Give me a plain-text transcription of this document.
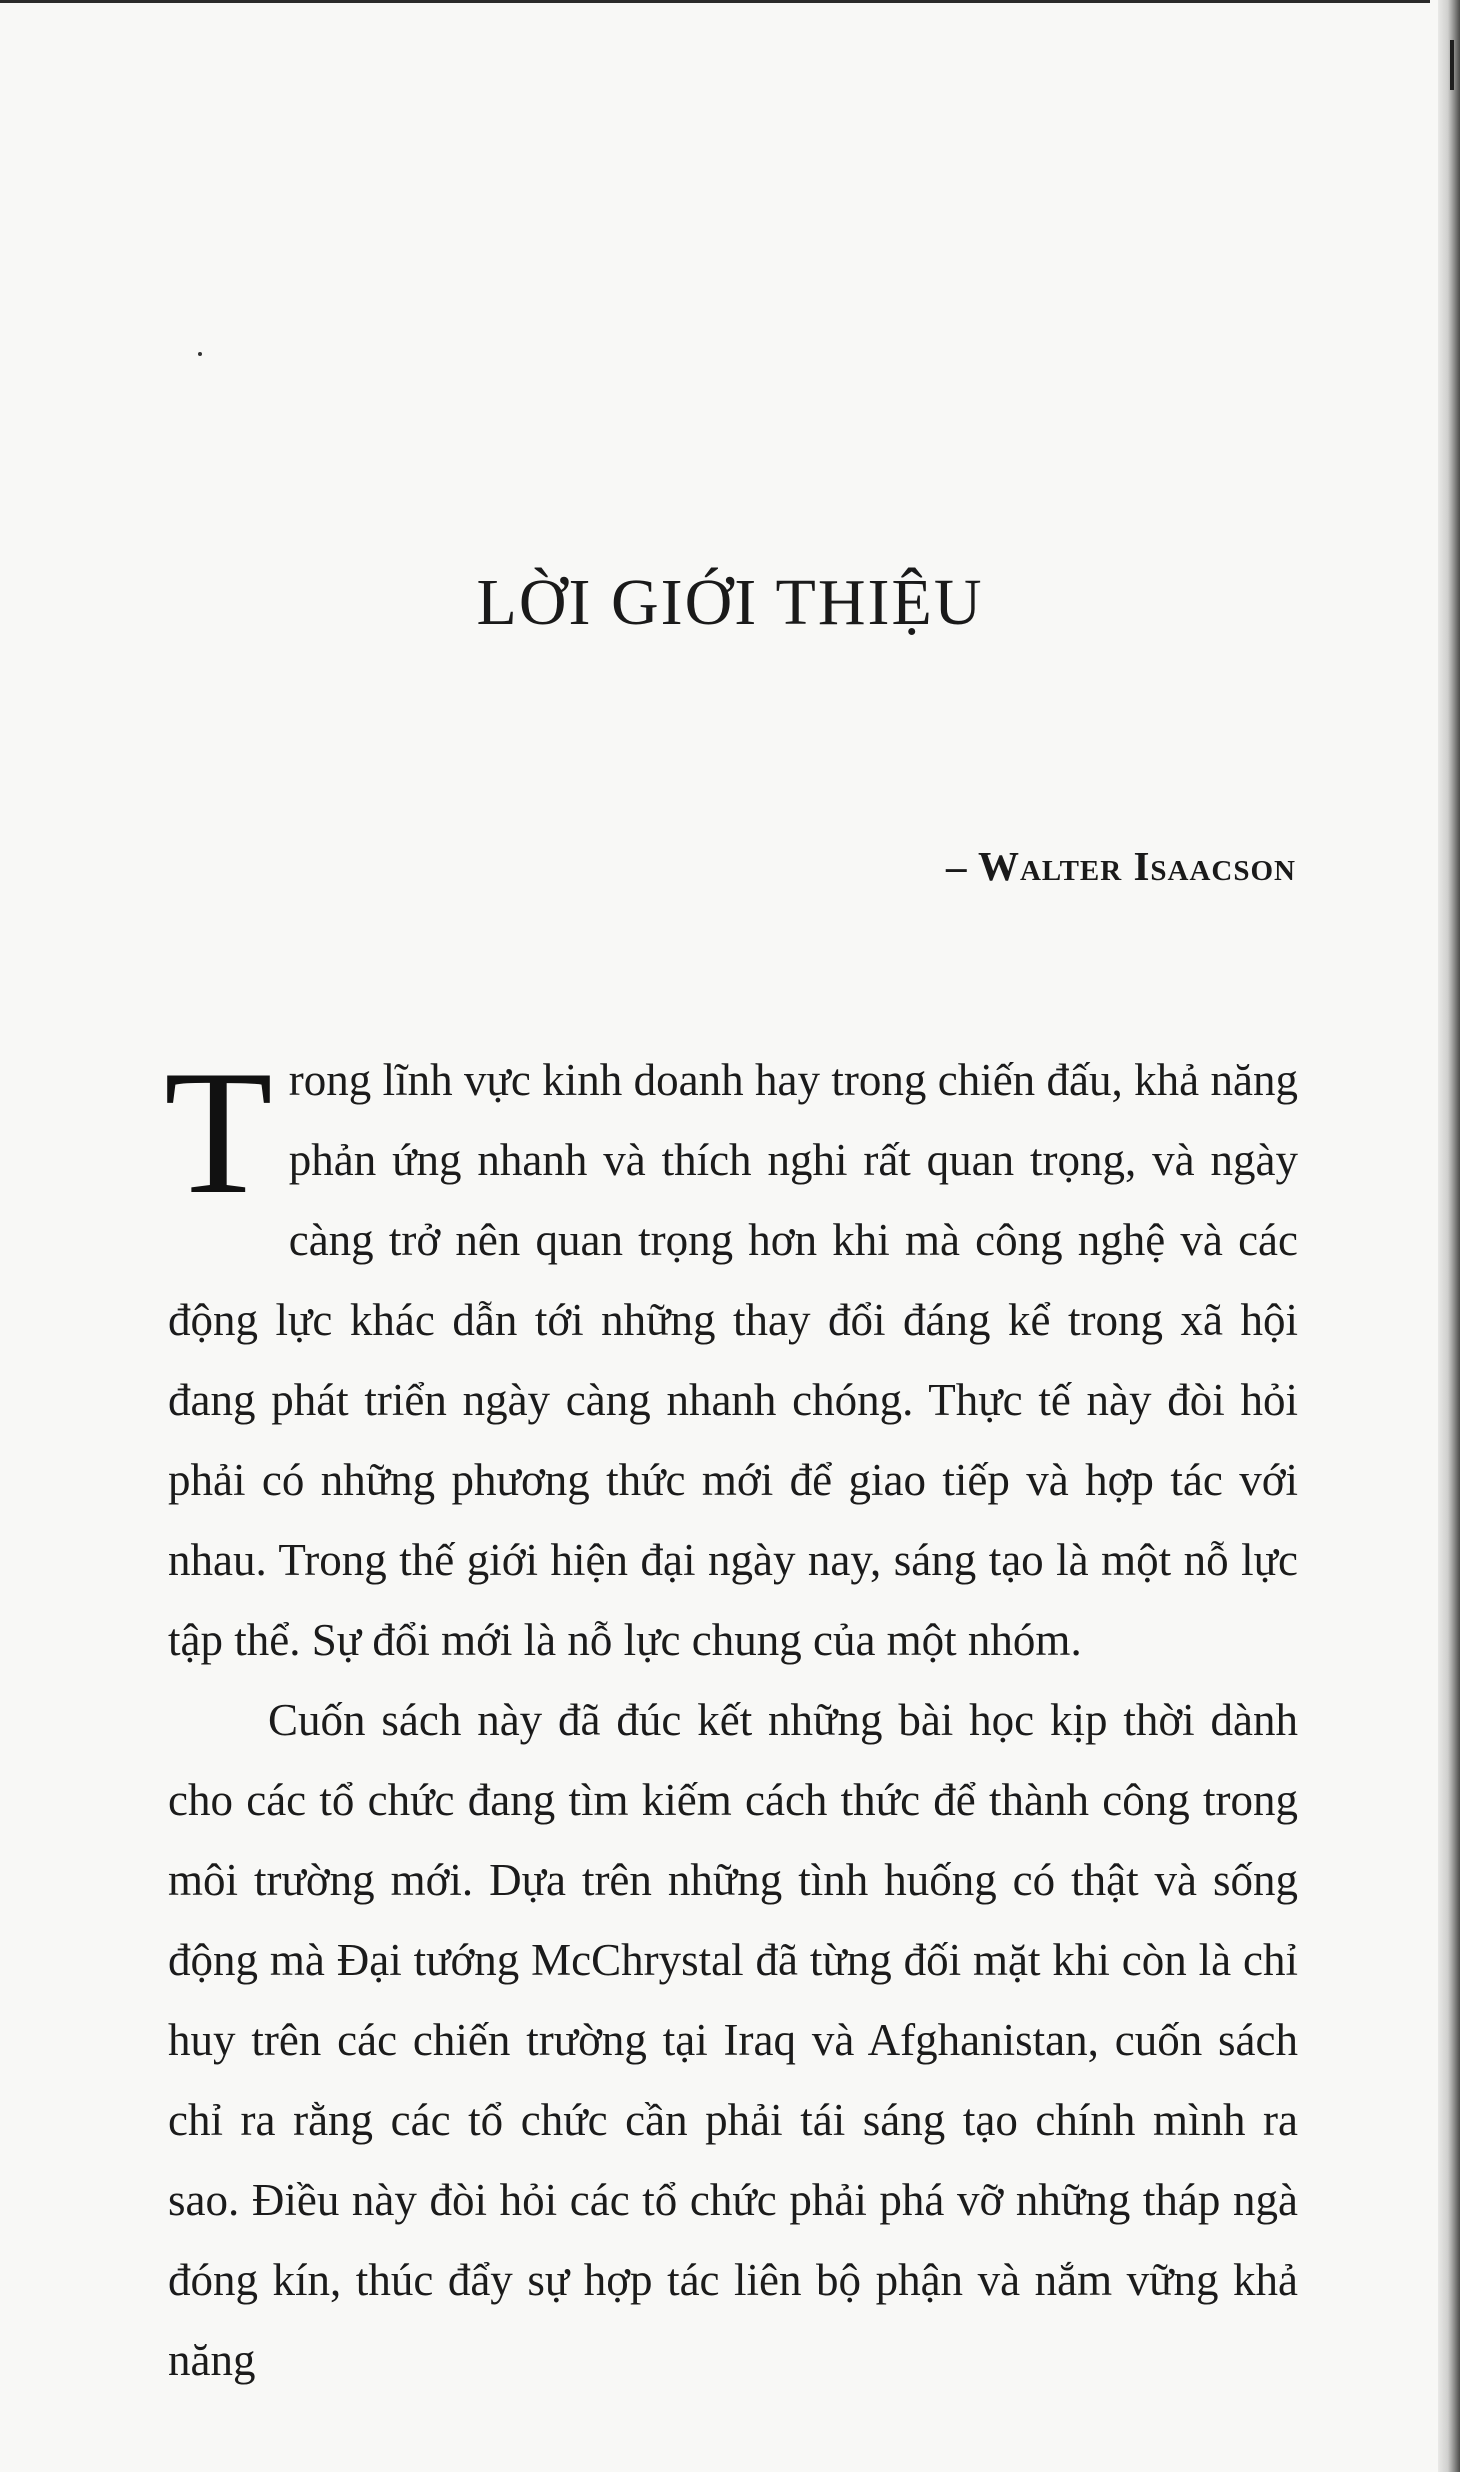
LỜI GIỚI THIỆU
– Walter Isaacson

Trong lĩnh vực kinh doanh hay trong chiến đấu, khả năng phản ứng nhanh và thích nghi rất quan trọng, và ngày càng trở nên quan trọng hơn khi mà công nghệ và các động lực khác dẫn tới những thay đổi đáng kể trong xã hội đang phát triển ngày càng nhanh chóng. Thực tế này đòi hỏi phải có những phương thức mới để giao tiếp và hợp tác với nhau. Trong thế giới hiện đại ngày nay, sáng tạo là một nỗ lực tập thể. Sự đổi mới là nỗ lực chung của một nhóm.

Cuốn sách này đã đúc kết những bài học kịp thời dành cho các tổ chức đang tìm kiếm cách thức để thành công trong môi trường mới. Dựa trên những tình huống có thật và sống động mà Đại tướng McChrystal đã từng đối mặt khi còn là chỉ huy trên các chiến trường tại Iraq và Afghanistan, cuốn sách chỉ ra rằng các tổ chức cần phải tái sáng tạo chính mình ra sao. Điều này đòi hỏi các tổ chức phải phá vỡ những tháp ngà đóng kín, thúc đẩy sự hợp tác liên bộ phận và nắm vững khả năng
